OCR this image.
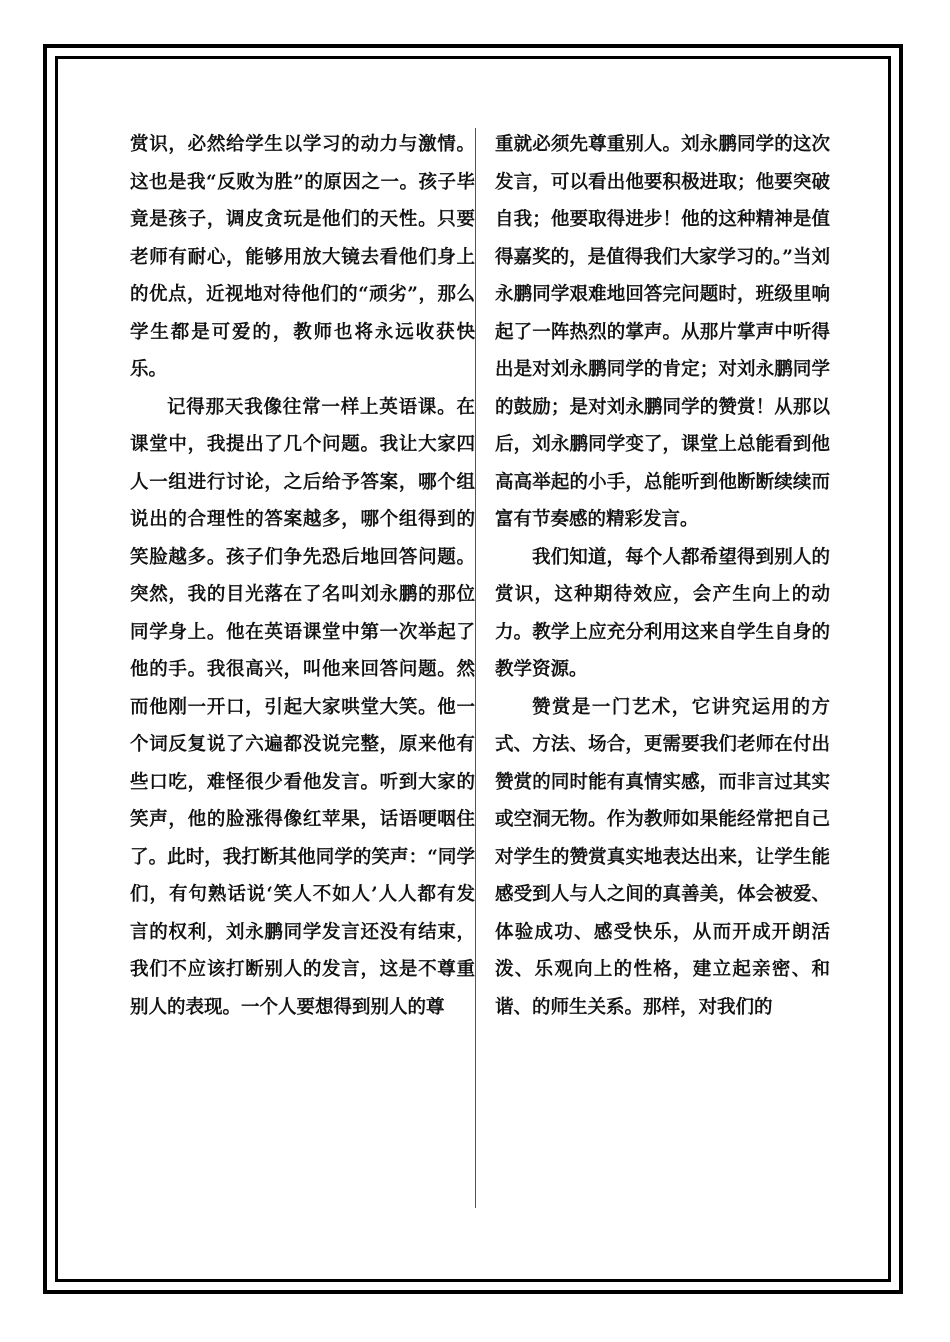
赏识，必然给学生以学习的动力与激情。这也是我“反败为胜”的原因之一。孩子毕竟是孩子，调皮贪玩是他们的天性。只要老师有耐心，能够用放大镜去看他们身上的优点，近视地对待他们的“顽劣”，那么学生都是可爱的，教师也将永远收获快乐。

记得那天我像往常一样上英语课。在课堂中，我提出了几个问题。我让大家四人一组进行讨论，之后给予答案，哪个组说出的合理性的答案越多，哪个组得到的笑脸越多。孩子们争先恐后地回答问题。突然，我的目光落在了名叫刘永鹏的那位同学身上。他在英语课堂中第一次举起了他的手。我很高兴，叫他来回答问题。然而他刚一开口，引起大家哄堂大笑。他一个词反复说了六遍都没说完整，原来他有些口吃，难怪很少看他发言。听到大家的笑声，他的脸涨得像红苹果，话语哽咽住了。此时，我打断其他同学的笑声：“同学们，有句熟话说‘笑人不如人’人人都有发言的权利，刘永鹏同学发言还没有结束，我们不应该打断别人的发言，这是不尊重别人的表现。一个人要想得到别人的尊

重就必须先尊重别人。刘永鹏同学的这次发言，可以看出他要积极进取；他要突破自我；他要取得进步！他的这种精神是值得嘉奖的，是值得我们大家学习的。”当刘永鹏同学艰难地回答完问题时，班级里响起了一阵热烈的掌声。从那片掌声中听得出是对刘永鹏同学的肯定；对刘永鹏同学的鼓励；是对刘永鹏同学的赞赏！从那以后，刘永鹏同学变了，课堂上总能看到他高高举起的小手，总能听到他断断续续而富有节奏感的精彩发言。

我们知道，每个人都希望得到别人的赏识，这种期待效应，会产生向上的动力。教学上应充分利用这来自学生自身的教学资源。

赞赏是一门艺术，它讲究运用的方式、方法、场合，更需要我们老师在付出赞赏的同时能有真情实感，而非言过其实或空洞无物。作为教师如果能经常把自己对学生的赞赏真实地表达出来，让学生能感受到人与人之间的真善美，体会被爱、体验成功、感受快乐，从而开成开朗活泼、乐观向上的性格，建立起亲密、和谐、的师生关系。那样，对我们的
